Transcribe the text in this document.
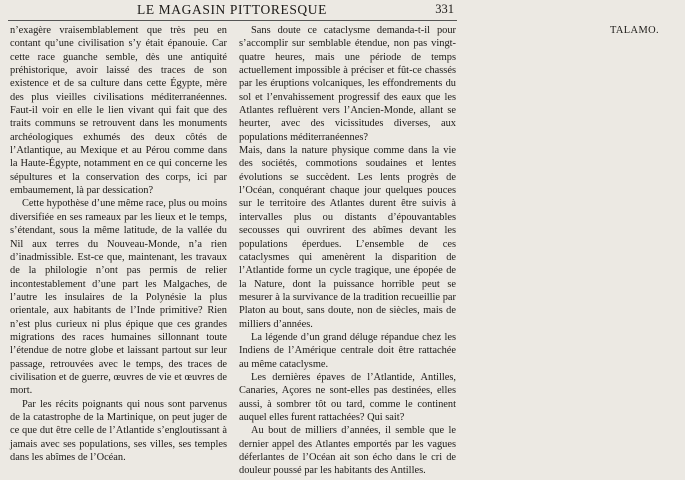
LE MAGASIN PITTORESQUE	331

n’exagère vraisemblablement que très peu en contant qu’une civilisation s’y était épanouie. Car cette race guanche semble, dès une antiquité préhistorique, avoir laissé des traces de son existence et de sa culture dans cette Égypte, mère des plus vieilles civilisations méditerranéennes. Faut-il voir en elle le lien vivant qui fait que des traits communs se retrouvent dans les monuments archéologiques exhumés des deux côtés de l’Atlantique, au Mexique et au Pérou comme dans la Haute-Égypte, notamment en ce qui concerne les sépultures et la conservation des corps, ici par embaumement, là par dessication?

Cette hypothèse d’une même race, plus ou moins diversifiée en ses rameaux par les lieux et le temps, s’étendant, sous la même latitude, de la vallée du Nil aux terres du Nouveau-Monde, n’a rien d’inadmissible. Est-ce que, maintenant, les travaux de la philologie n’ont pas permis de relier incontestablement d’une part les Malgaches, de l’autre les insulaires de la Polynésie la plus orientale, aux habitants de l’Inde primitive? Rien n’est plus curieux ni plus épique que ces grandes migrations des races humaines sillonnant toute l’étendue de notre globe et laissant partout sur leur passage, retrouvées avec le temps, des traces de civilisation et de guerre, œuvres de vie et œuvres de mort.

Par les récits poignants qui nous sont parvenus de la catastrophe de la Martinique, on peut juger de ce que dut être celle de l’Atlantide s’engloutissant à jamais avec ses populations, ses villes, ses temples dans les abîmes de l’Océan.

Sans doute ce cataclysme demanda-t-il pour s’accomplir sur semblable étendue, non pas vingt-quatre heures, mais une période de temps actuellement impossible à préciser et fût-ce chassés par les éruptions volcaniques, les effondrements du sol et l’envahissement progressif des eaux que les Atlantes refluèrent vers l’Ancien-Monde, allant se heurter, avec des vicissitudes diverses, aux populations méditerranéennes?

Mais, dans la nature physique comme dans la vie des sociétés, commotions soudaines et lentes évolutions se succèdent. Les lents progrès de l’Océan, conquérant chaque jour quelques pouces sur le territoire des Atlantes durent être suivis à intervalles plus ou distants d’épouvantables secousses qui ouvrirent des abîmes devant les populations éperdues. L’ensemble de ces cataclysmes qui amenèrent la disparition de l’Atlantide forme un cycle tragique, une épopée de la Nature, dont la puissance horrible peut se mesurer à la survivance de la tradition recueillie par Platon au bout, sans doute, non de siècles, mais de milliers d’années.

La légende d’un grand déluge répandue chez les Indiens de l’Amérique centrale doit être rattachée au même cataclysme.

Les dernières épaves de l’Atlantide, Antilles, Canaries, Açores ne sont-elles pas destinées, elles aussi, à sombrer tôt ou tard, comme le continent auquel elles furent rattachées? Qui sait?

Au bout de milliers d’années, il semble que le dernier appel des Atlantes emportés par les vagues déferlantes de l’Océan ait son écho dans le cri de douleur poussé par les habitants des Antilles.

TALAMO.
